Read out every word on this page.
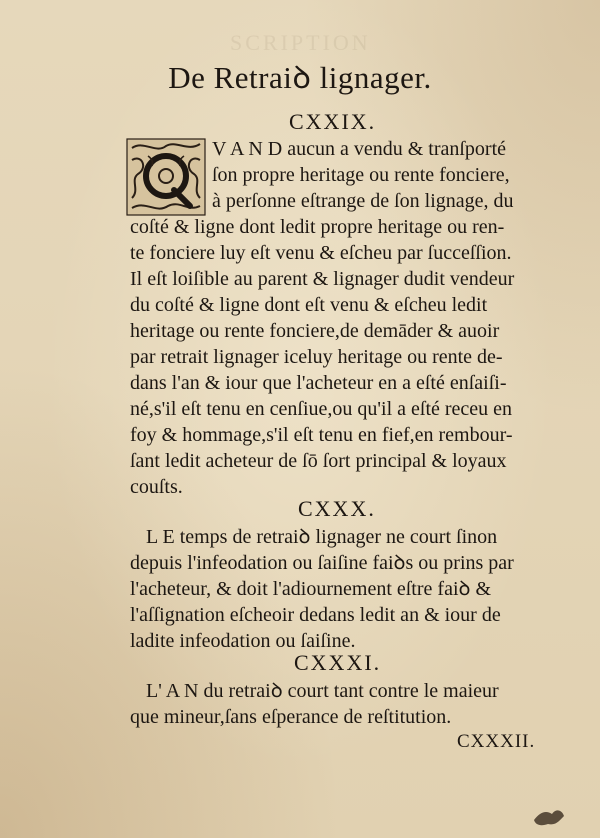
SCRIPTION
De Retraiꝺ lignager.
CXXIX.
V A N D aucun a vendu & tranſporté
ſon propre heritage ou rente fonciere,
à perſonne eſtrange de ſon lignage, du
coſté & ligne dont ledit propre heritage ou ren-
te fonciere luy eſt venu & eſcheu par ſucceſſion.
Il eſt loiſible au parent & lignager dudit vendeur
du coſté & ligne dont eſt venu & eſcheu ledit
heritage ou rente fonciere,de demāder & auoir
par retrait lignager iceluy heritage ou rente de-
dans l'an & iour que l'acheteur en a eſté enſaiſi-
né,s'il eſt tenu en cenſiue,ou qu'il a eſté receu en
foy & hommage,s'il eſt tenu en fief,en rembour-
ſant ledit acheteur de ſō ſort principal & loyaux
couſts.
CXXX.
L E temps de retraiꝺ lignager ne court ſinon
depuis l'infeodation ou ſaiſine faiꝺs ou prins par
l'acheteur, & doit l'adiournement eſtre faiꝺ &
l'aſſignation eſcheoir dedans ledit an & iour de
ladite infeodation ou ſaiſine.
CXXXI.
L' A N du retraiꝺ court tant contre le maieur
que mineur,ſans eſperance de reſtitution.
CXXXII.
